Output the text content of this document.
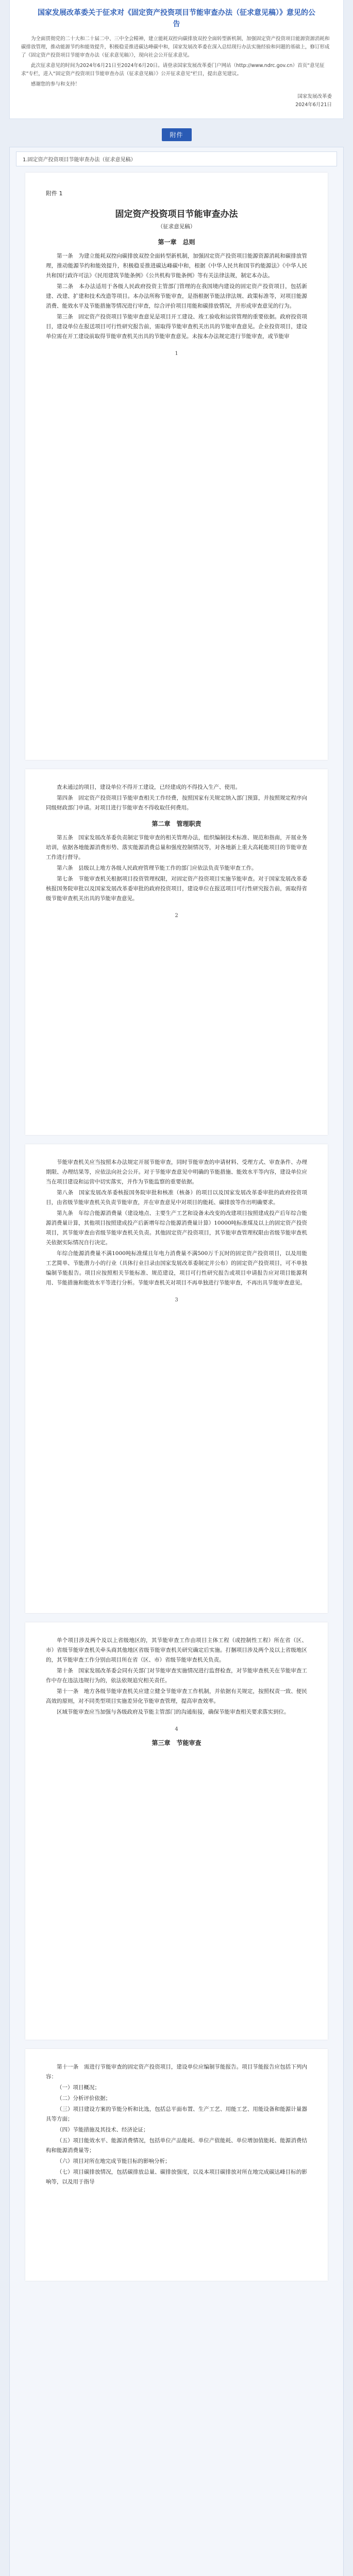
国家发展改革委关于征求对《固定资产投资项目节能审查办法（征求意见稿）》意见的公告

为全面贯彻党的二十大和二十届二中、三中全会精神，建立能耗双控向碳排放双控全面转型新机制，加强固定资产投资项目能源资源消耗和碳排放管理，推动能源节约和能效提升，积极稳妥推进碳达峰碳中和，国家发展改革委在深入总结现行办法实施经验和问题的基础上，修订形成了《固定资产投资项目节能审查办法（征求意见稿）》，现向社会公开征求意见。

此次征求意见的时间为2024年6月21日至2024年6月20日。请登录国家发展改革委门户网站（http://www.ndrc.gov.cn）首页“意见征求”专栏，进入“固定资产投资项目节能审查办法（征求意见稿）》公开征求意见”栏目，提出意见建议。

感谢您的参与和支持！

国家发展改革委
2024年6月21日
附件
1.固定资产投资项目节能审查办法（征求意见稿）
附件 1
固定资产投资项目节能审查办法
（征求意见稿）
第一章　总则

第一条　为建立能耗双控向碳排放双控全面转型新机制，加强固定资产投资项目能源资源消耗和碳排放管理，推动能源节约和能效提升，积极稳妥推进碳达峰碳中和，根据《中华人民共和国节约能源法》《中华人民共和国行政许可法》《民用建筑节能条例》《公共机构节能条例》等有关法律法规，制定本办法。

第二条　本办法适用于各级人民政府投资主管部门管理的在我国境内建设的固定资产投资项目，包括新建、改建、扩建和技术改造等项目。本办法所称节能审查，是指根据节能法律法规、政策标准等，对项目能源消费、能效水平及节能措施等情况进行审查，综合评价项目用能和碳排放情况，并形成审查意见的行为。

第三条　固定资产投资项目节能审查意见是项目开工建设、竣工验收和运营管理的重要依据。政府投资项目，建设单位在报送项目可行性研究报告前，需取得节能审查机关出具的节能审查意见。企业投资项目，建设单位需在开工建设前取得节能审查机关出具的节能审查意见。未按本办法规定进行节能审查，或节能审

1

查未通过的项目，建设单位不得开工建设，已经建成的不得投入生产、使用。

第四条　固定资产投资项目节能审查相关工作经费，按照国家有关规定纳入部门预算，并按照规定程序向同级财政部门申请。对项目进行节能审查不得收取任何费用。

第二章　管理职责

第五条　国家发展改革委负责制定节能审查的相关管理办法，组织编制技术标准、规范和指南，开展业务培训，依据各地能源消费形势、落实能源消费总量和强度控制情况等，对各地新上重大高耗能项目的节能审查工作进行督导。

第六条　县级以上地方各级人民政府管理节能工作的部门应依法负责节能审查工作。

第七条　节能审查机关根据项目投资管理权限，对固定资产投资项目实施节能审查。对于国家发展改革委核报国务院审批以及国家发展改革委审批的政府投资项目，建设单位在报送项目可行性研究报告前，需取得省级节能审查机关出具的节能审查意见。

2

节能审查机关应当按照本办法规定开展节能审查，同时节能审查的申请材料、受理方式、审查条件、办理期限、办理结果等，应依法向社会公开。对于节能审查意见中明确的节能措施、能效水平等内容，建设单位应当在项目建设和运营中切实落实，并作为节能监察的重要依据。

第八条　国家发展改革委核报国务院审批和核准（核备）的项目以及国家发展改革委审批的政府投资项目，由省级节能审查机关负责节能审查，并在审查意见中对项目的能耗、碳排放等作出明确要求。

第九条　年综合能源消费量（建设地点、主要生产工艺和设备未改变的改建项目按照建成投产后年综合能源消费量计算，其他项目按照建成投产后新增年综合能源消费量计算）10000吨标准煤及以上的固定资产投资项目，其节能审查由省级节能审查机关负责。其他固定资产投资项目，其节能审查管理权限由省级节能审查机关依据实际情况自行决定。

年综合能源消费量不满1000吨标准煤且年电力消费量不满500万千瓦时的固定资产投资项目，以及用能工艺简单、节能潜力小的行业（具体行业目录由国家发展改革委制定并公布）的固定资产投资项目，可不单独编制节能报告。项目应按照相关节能标准、规范建设，项目可行性研究报告或项目申请报告应对项目能源利用、节能措施和能效水平等进行分析。节能审查机关对项目不再单独进行节能审查，不再出具节能审查意见。

3

单个项目涉及两个及以上省级地区的，其节能审查工作由项目主体工程（或控制性工程）所在省（区、市）省级节能审查机关牵头商其他地区省级节能审查机关研究确定后实施。打捆项目涉及两个及以上省级地区的，其节能审查工作分别由项目所在省（区、市）省级节能审查机关负责。

第十条　国家发展改革委会同有关部门对节能审查实施情况进行监督检查，对节能审查机关在节能审查工作中存在违法违规行为的，依法依规追究相关责任。

第十一条　地方各级节能审查机关应建立健全节能审查工作机制，并依据有关规定，按照权责一致、便民高效的原则，对不同类型项目实施差异化节能审查管理，提高审查效率。

区域节能审查应当加强与各级政府及节能主管部门的沟通衔接，确保节能审查相关要求落实到位。

4
第三章　节能审查

第十一条　需进行节能审查的固定资产投资项目，建设单位应编制节能报告。项目节能报告应包括下列内容：

（一）项目概况；

（二）分析评价依据；

（三）项目建设方案的节能分析和比选，包括总平面布置、生产工艺、用能工艺、用能设备和能源计量器具等方面；

（四）节能措施及其技术、经济论证；

（五）项目能效水平、能源消费情况，包括单位产品能耗、单位产值能耗、单位增加值能耗、能源消费结构和能源消费量等；

（六）项目对所在地完成节能目标的影响分析；

（七）项目碳排放情况，包括碳排放总量、碳排放强度，以及本项目碳排放对所在地完成碳达峰目标的影响等，以及用于指导
